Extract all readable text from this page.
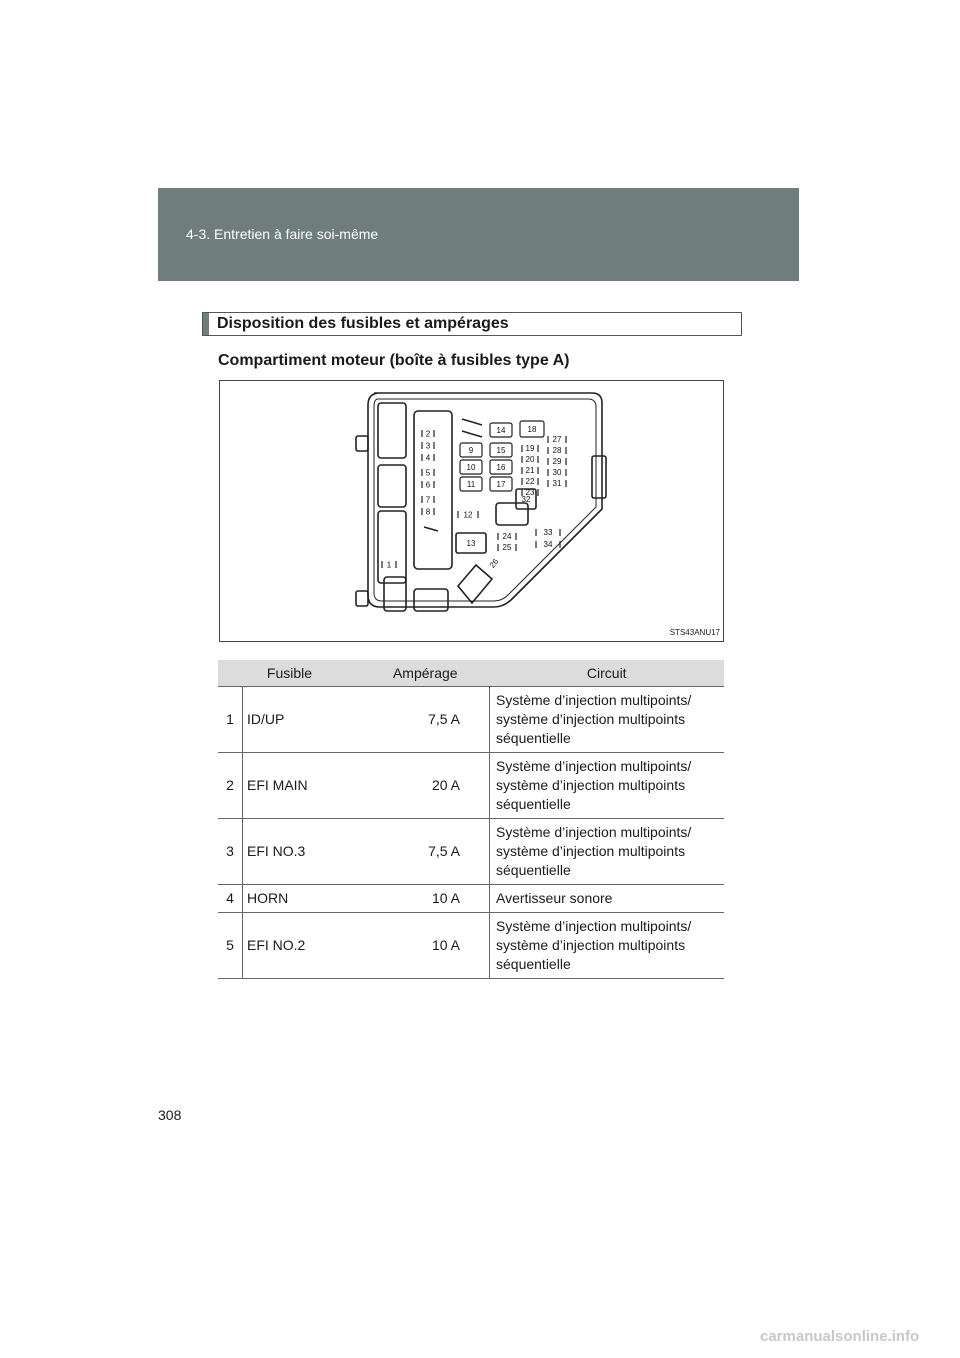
4-3. Entretien à faire soi-même
Disposition des fusibles et ampérages
Compartiment moteur (boîte à fusibles type A)
2
3
4
5
6
7
8
1
12
9
10
11
14
15
16
17
18
13
32
19
20
21
22
23
27
28
29
30
31
24
25
33
34
26
STS43ANU17
Fusible		Ampérage	Circuit
1	ID/UP	7,5 A	Système d’injection multipoints/
système d’injection multipoints
séquentielle
2	EFI MAIN	20 A	Système d’injection multipoints/
système d’injection multipoints
séquentielle
3	EFI NO.3	7,5 A	Système d’injection multipoints/
système d’injection multipoints
séquentielle
4	HORN	10 A	Avertisseur sonore
5	EFI NO.2	10 A	Système d’injection multipoints/
système d’injection multipoints
séquentielle
308
carmanualsonline.info
